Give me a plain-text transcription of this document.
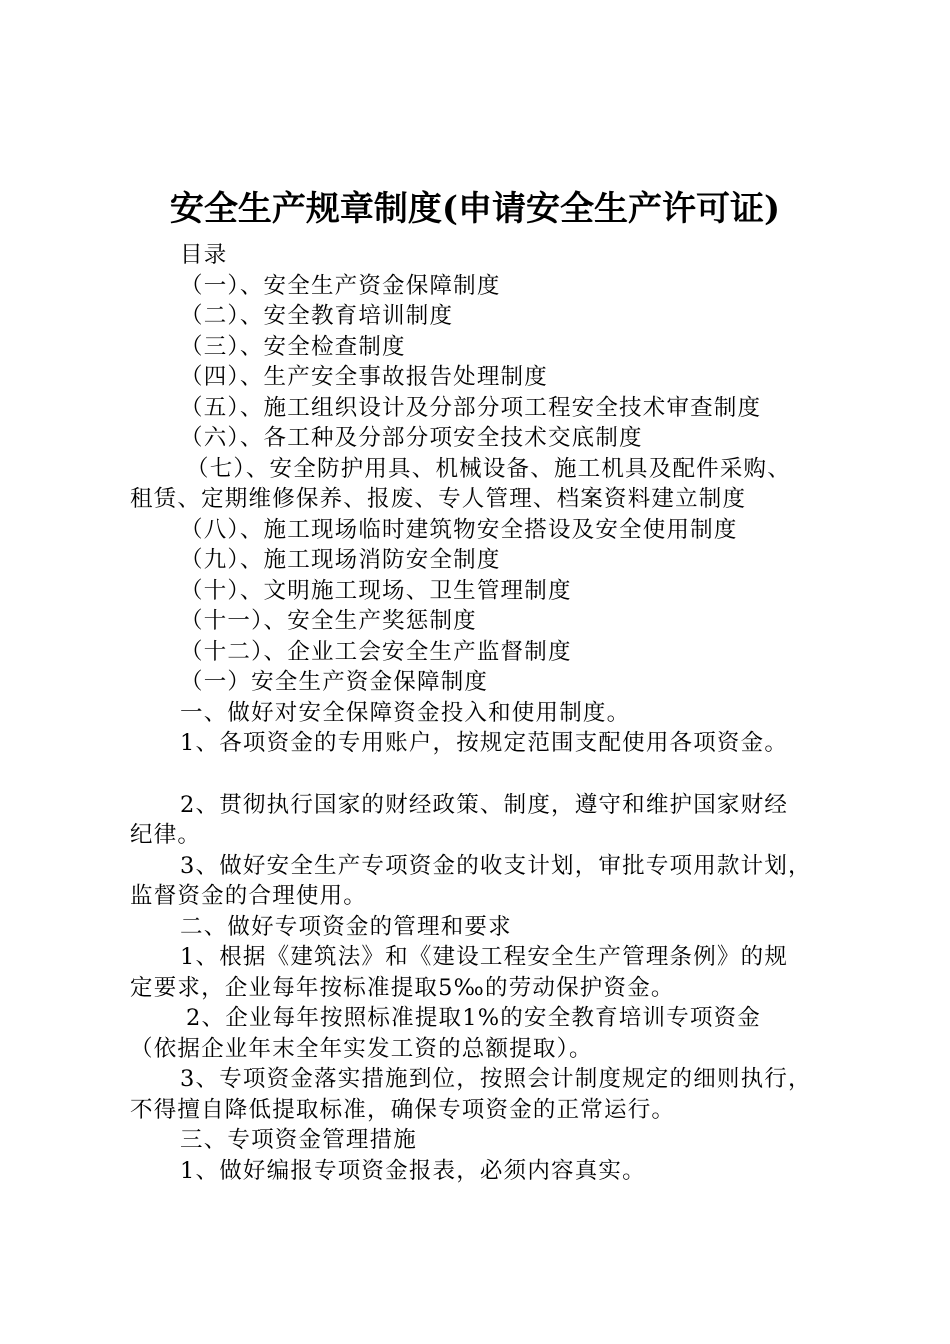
安全生产规章制度(申请安全生产许可证)
目录
（一）、安全生产资金保障制度
（二）、安全教育培训制度
（三）、安全检查制度
（四）、生产安全事故报告处理制度
（五）、施工组织设计及分部分项工程安全技术审查制度
（六）、各工种及分部分项安全技术交底制度
（七）、安全防护用具、机械设备、施工机具及配件采购、
租赁、定期维修保养、报废、专人管理、档案资料建立制度
（八）、施工现场临时建筑物安全搭设及安全使用制度
（九）、施工现场消防安全制度
（十）、文明施工现场、卫生管理制度
（十一）、安全生产奖惩制度
（十二）、企业工会安全生产监督制度
（一）安全生产资金保障制度
一、做好对安全保障资金投入和使用制度。
1、各项资金的专用账户，按规定范围支配使用各项资金。
2、贯彻执行国家的财经政策、制度，遵守和维护国家财经
纪律。
3、做好安全生产专项资金的收支计划，审批专项用款计划，
监督资金的合理使用。
二、做好专项资金的管理和要求
1、根据《建筑法》和《建设工程安全生产管理条例》的规
定要求，企业每年按标准提取5‰的劳动保护资金。
2、企业每年按照标准提取1%的安全教育培训专项资金
（依据企业年末全年实发工资的总额提取）。
3、专项资金落实措施到位，按照会计制度规定的细则执行，
不得擅自降低提取标准，确保专项资金的正常运行。
三、专项资金管理措施
1、做好编报专项资金报表，必须内容真实。
